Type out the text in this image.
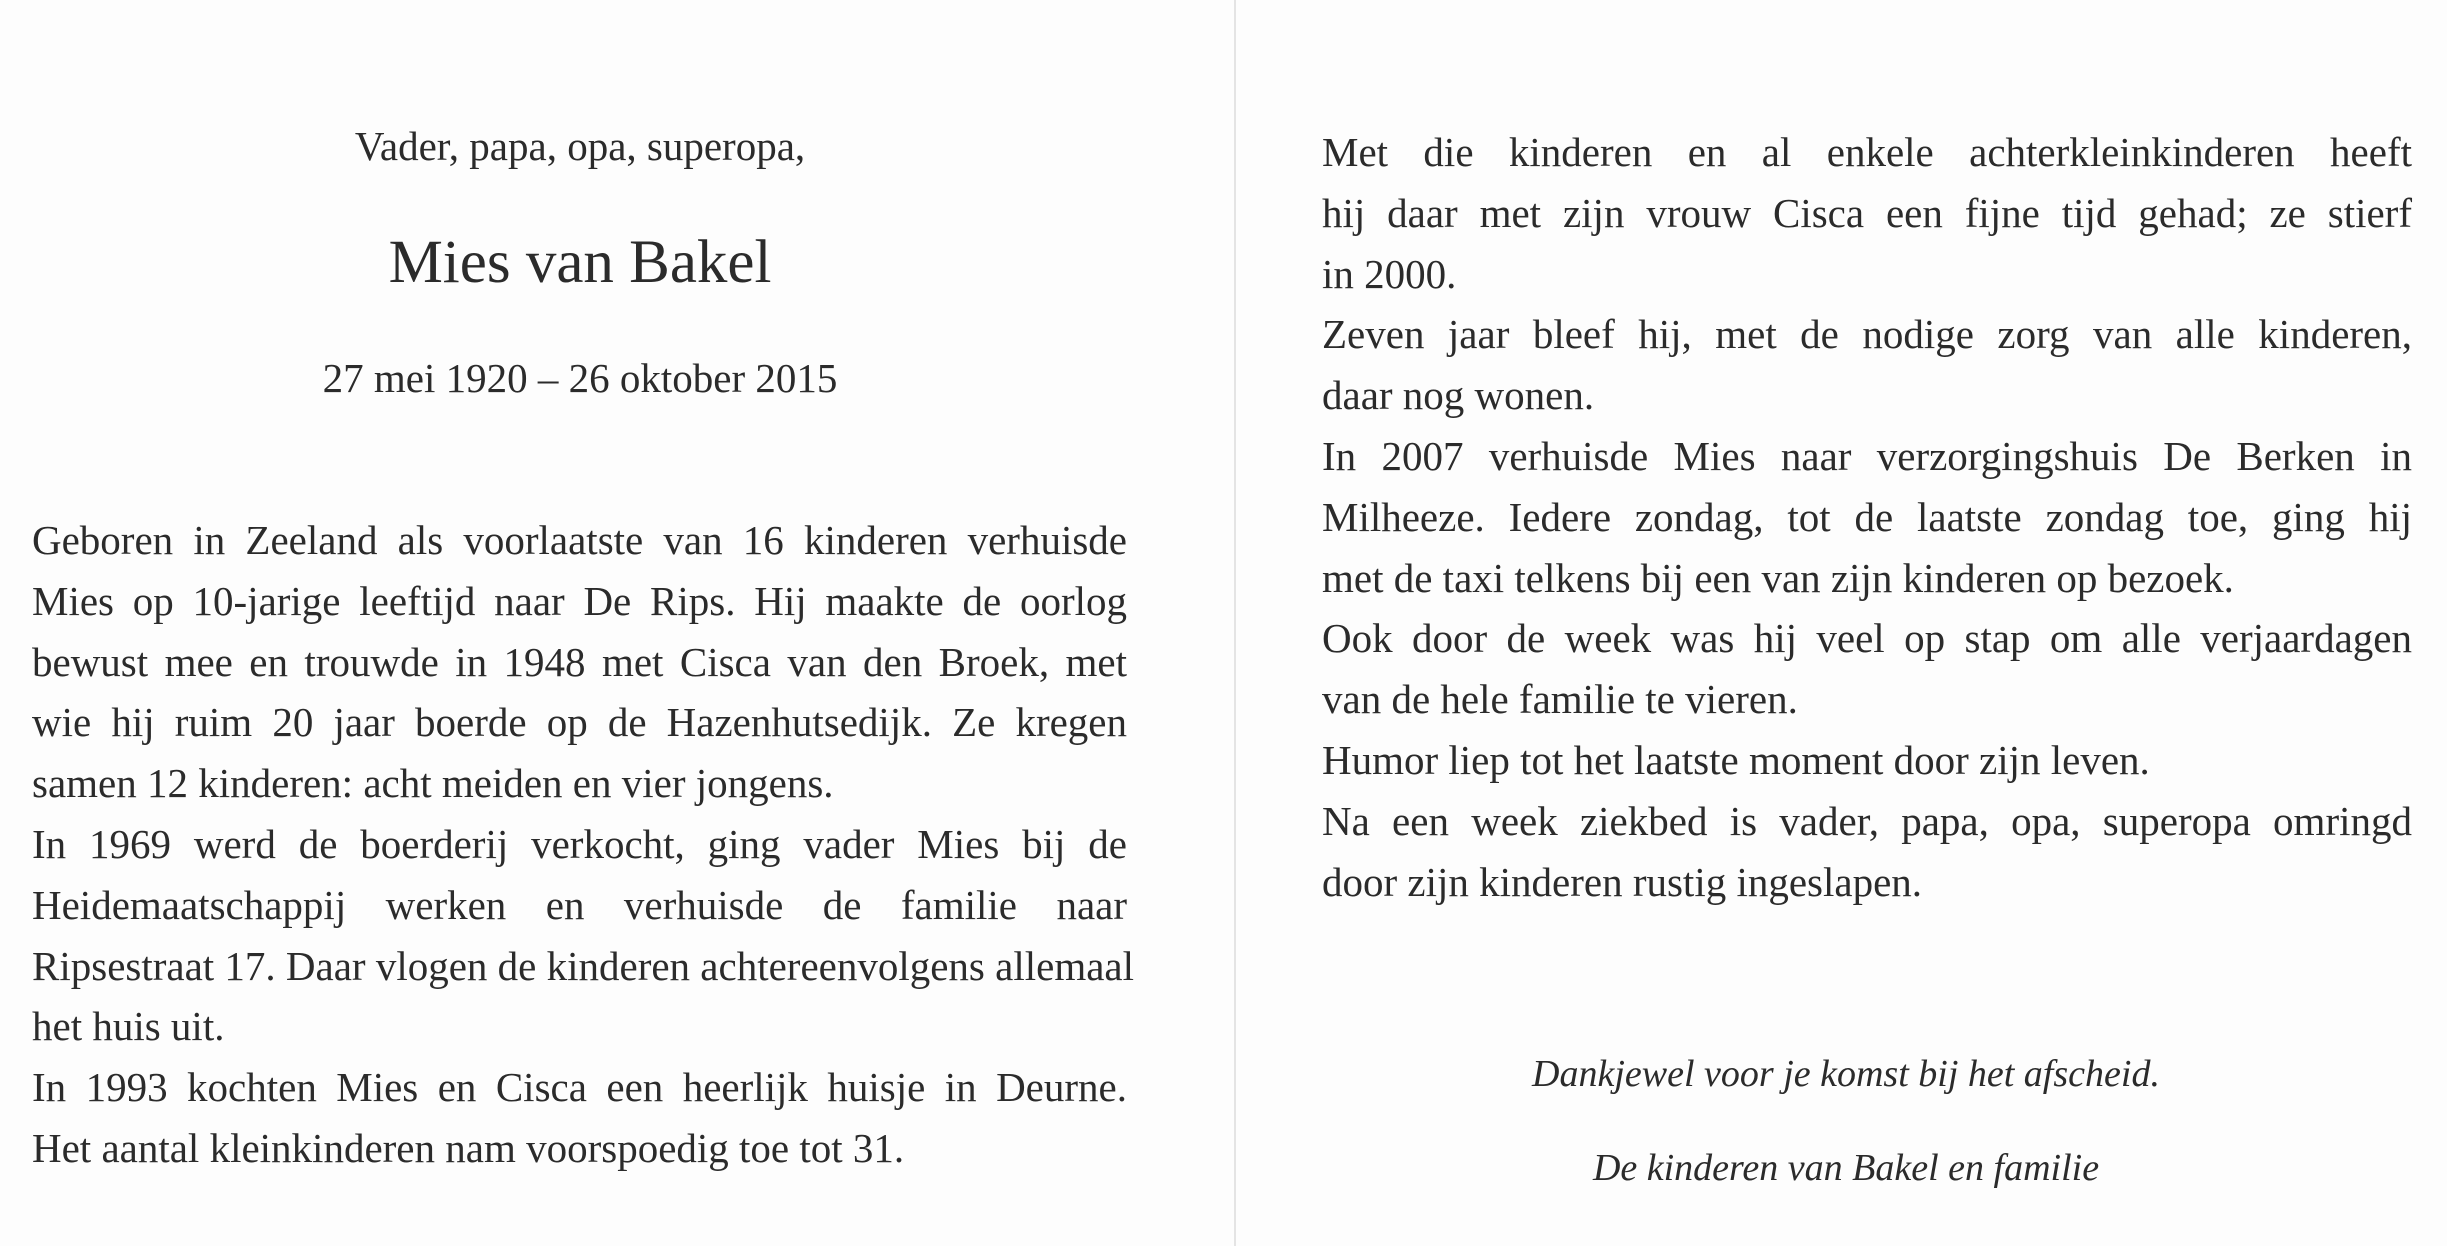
Vader, papa, opa, superopa,
Mies van Bakel
27 mei 1920 – 26 oktober 2015
Geboren in Zeeland als voorlaatste van 16 kinderen verhuisde
Mies op 10-jarige leeftijd naar De Rips. Hij maakte de oorlog
bewust mee en trouwde in 1948 met Cisca van den Broek, met
wie hij ruim 20 jaar boerde op de Hazenhutsedijk. Ze kregen
samen 12 kinderen: acht meiden en vier jongens.
In 1969 werd de boerderij verkocht, ging vader Mies bij de
Heidemaatschappij werken en verhuisde de familie naar
Ripsestraat 17. Daar vlogen de kinderen achtereenvolgens allemaal
het huis uit.
In 1993 kochten Mies en Cisca een heerlijk huisje in Deurne.
Het aantal kleinkinderen nam voorspoedig toe tot 31.
Met die kinderen en al enkele achterkleinkinderen heeft
hij daar met zijn vrouw Cisca een fijne tijd gehad; ze stierf
in 2000.
Zeven jaar bleef hij, met de nodige zorg van alle kinderen,
daar nog wonen.
In 2007 verhuisde Mies naar verzorgingshuis De Berken in
Milheeze. Iedere zondag, tot de laatste zondag toe, ging hij
met de taxi telkens bij een van zijn kinderen op bezoek.
Ook door de week was hij veel op stap om alle verjaardagen
van de hele familie te vieren.
Humor liep tot het laatste moment door zijn leven.
Na een week ziekbed is vader, papa, opa, superopa omringd
door zijn kinderen rustig ingeslapen.
Dankjewel voor je komst bij het afscheid.
De kinderen van Bakel en familie
